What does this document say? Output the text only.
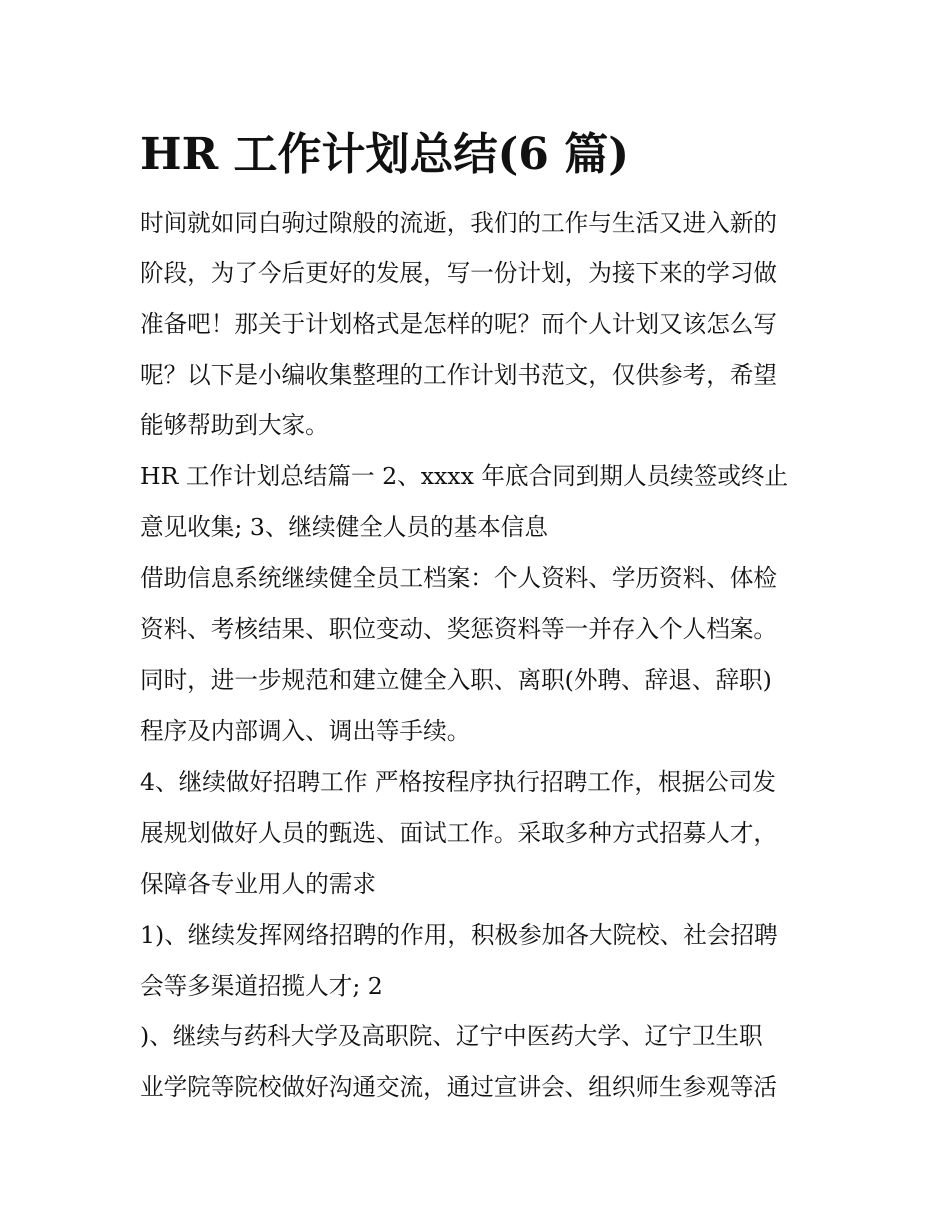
HR 工作计划总结(6 篇)
时间就如同白驹过隙般的流逝，我们的工作与生活又进入新的
阶段，为了今后更好的发展，写一份计划，为接下来的学习做
准备吧！那关于计划格式是怎样的呢？而个人计划又该怎么写
呢？以下是小编收集整理的工作计划书范文，仅供参考，希望
能够帮助到大家。
HR 工作计划总结篇一 2、xxxx 年底合同到期人员续签或终止
意见收集; 3、继续健全人员的基本信息
借助信息系统继续健全员工档案：个人资料、学历资料、体检
资料、考核结果、职位变动、奖惩资料等一并存入个人档案。
同时，进一步规范和建立健全入职、离职(外聘、辞退、辞职)
程序及内部调入、调出等手续。
4、继续做好招聘工作 严格按程序执行招聘工作，根据公司发
展规划做好人员的甄选、面试工作。采取多种方式招募人才，
保障各专业用人的需求
1)、继续发挥网络招聘的作用，积极参加各大院校、社会招聘
会等多渠道招揽人才; 2
)、继续与药科大学及高职院、辽宁中医药大学、辽宁卫生职
业学院等院校做好沟通交流，通过宣讲会、组织师生参观等活
